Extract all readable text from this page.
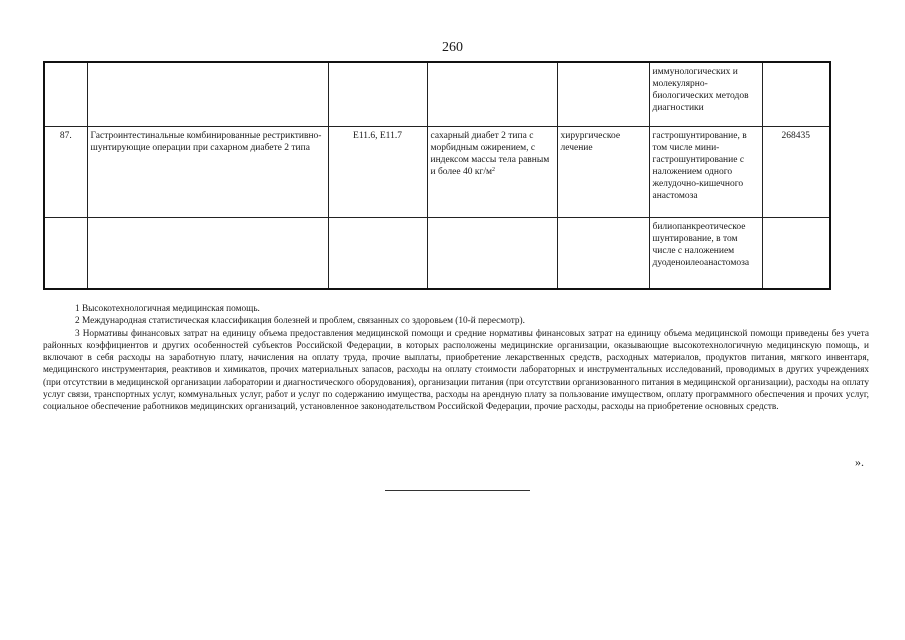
260
					иммунологических и молекулярно-биологических методов диагностики	
87.	Гастроинтестинальные комбинированные рестриктивно-шунтирующие операции при сахарном диабете 2 типа	E11.6, E11.7	сахарный диабет 2 типа с морбидным ожирением, с индексом массы тела равным и более 40 $кг/м^2$	хирургическое лечение	гастрошунтирование, в том числе мини-гастрошунтирование с наложением одного желудочно-кишечного анастомоза	268435
					билиопанкреотическое шунтирование, в том числе с наложением дуоденоилеоанастомоза	

1 Высокотехнологичная медицинская помощь.

2 Международная статистическая классификация болезней и проблем, связанных со здоровьем (10-й пересмотр).

3 Нормативы финансовых затрат на единицу объема предоставления медицинской помощи и средние нормативы финансовых затрат на единицу объема медицинской помощи приведены без учета районных коэффициентов и других особенностей субъектов Российской Федерации, в которых расположены медицинские организации, оказывающие высокотехнологичную медицинскую помощь, и включают в себя расходы на заработную плату, начисления на оплату труда, прочие выплаты, приобретение лекарственных средств, расходных материалов, продуктов питания, мягкого инвентаря, медицинского инструментария, реактивов и химикатов, прочих материальных запасов, расходы на оплату стоимости лабораторных и инструментальных исследований, проводимых в других учреждениях (при отсутствии в медицинской организации лаборатории и диагностического оборудования), организации питания (при отсутствии организованного питания в медицинской организации), расходы на оплату услуг связи, транспортных услуг, коммунальных услуг, работ и услуг по содержанию имущества, расходы на арендную плату за пользование имуществом, оплату программного обеспечения и прочих услуг, социальное обеспечение работников медицинских организаций, установленное законодательством Российской Федерации, прочие расходы, расходы на приобретение основных средств.

».
